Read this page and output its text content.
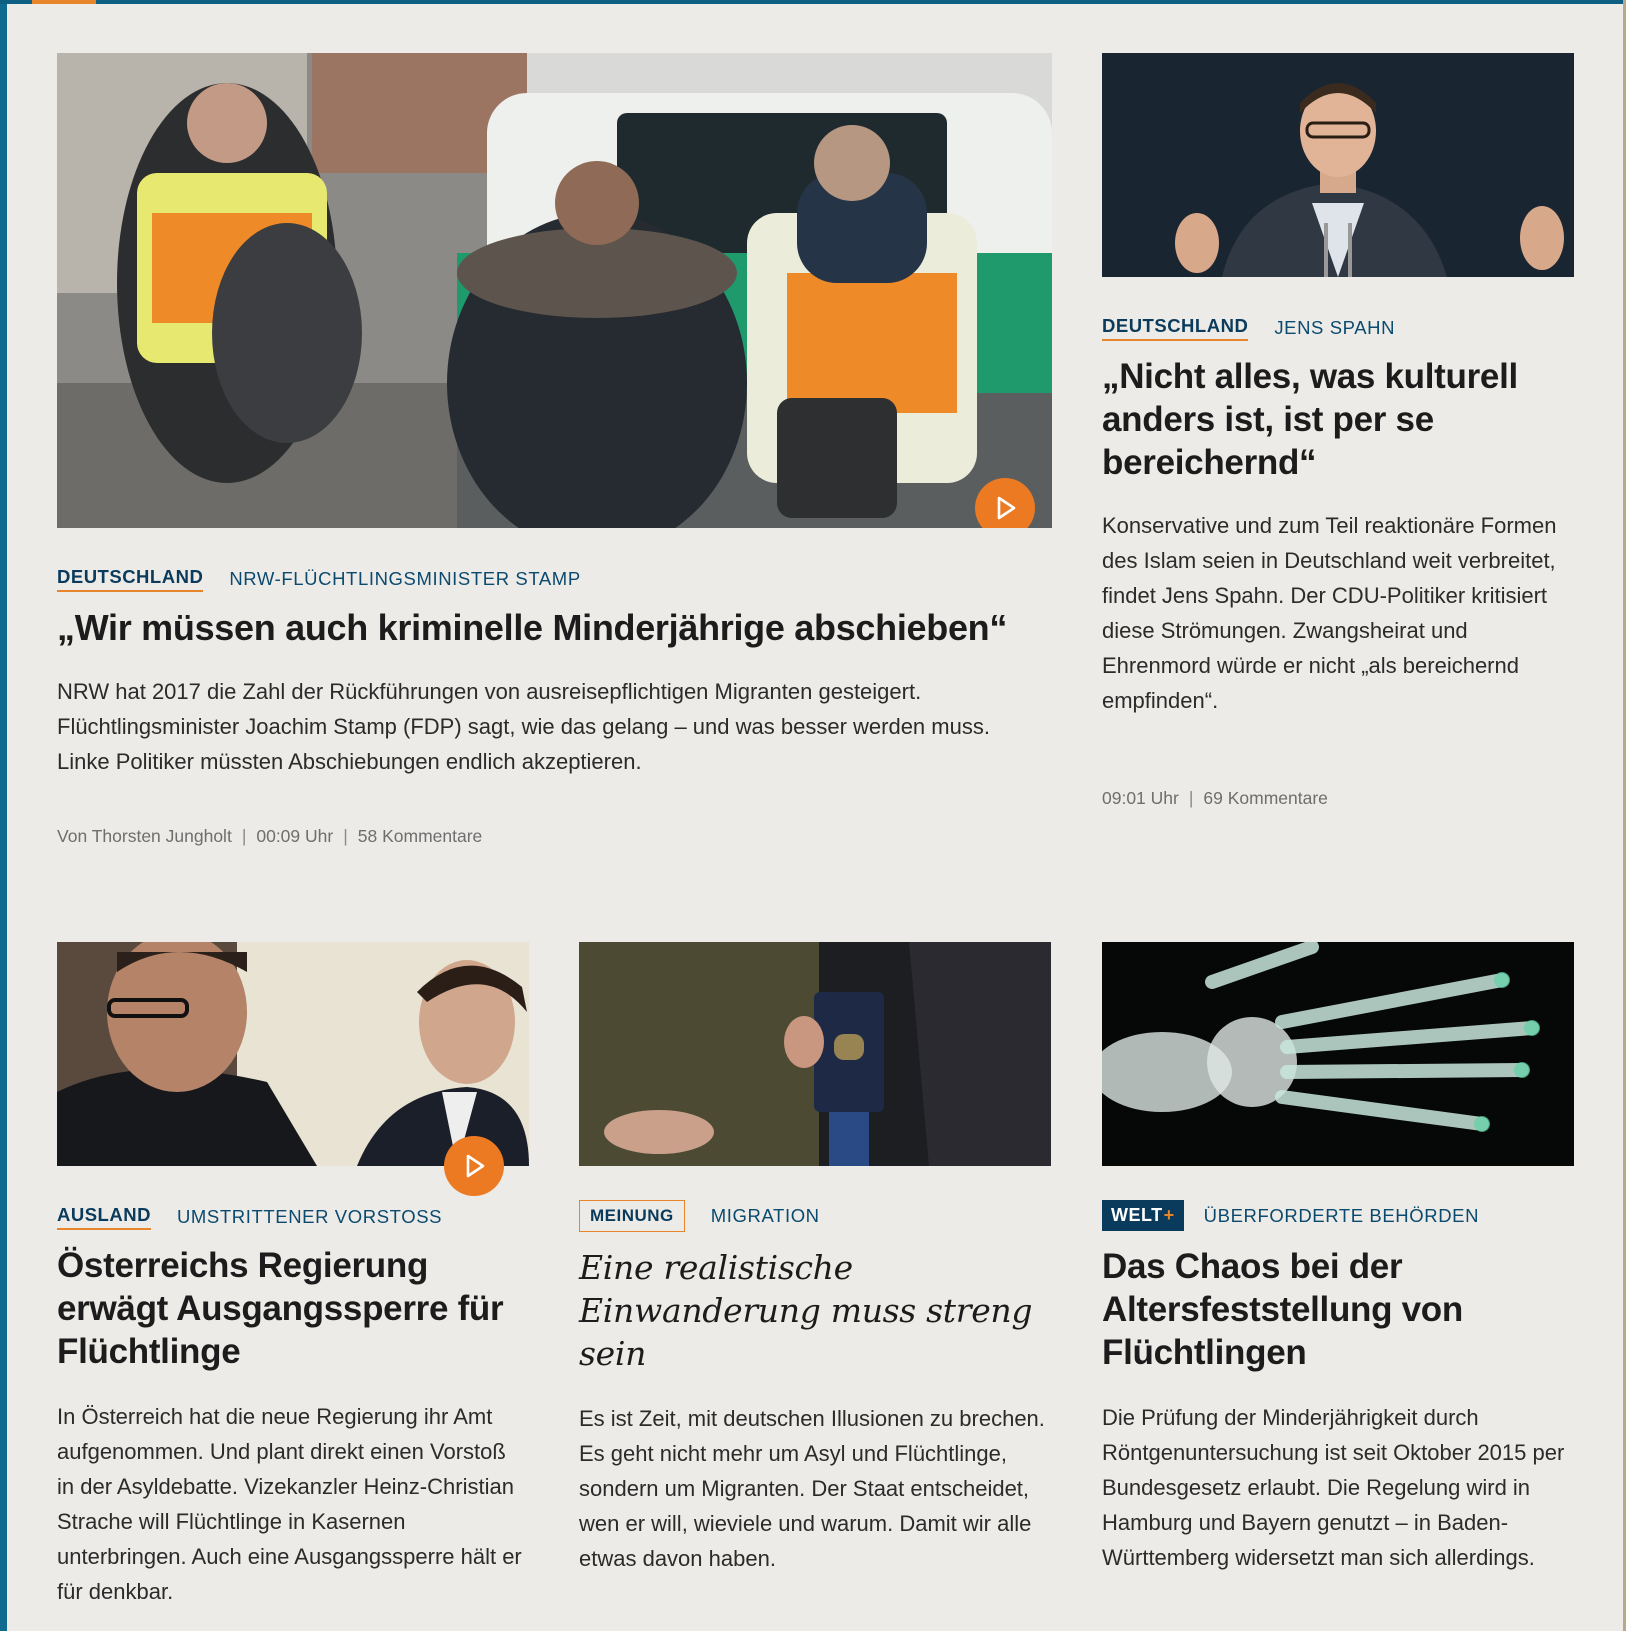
DEUTSCHLAND NRW-FLÜCHTLINGSMINISTER STAMP
„Wir müssen auch kriminelle Minderjährige abschieben“

NRW hat 2017 die Zahl der Rückführungen von ausreisepflichtigen Migranten gesteigert. Flüchtlingsminister Joachim Stamp (FDP) sagt, wie das gelang – und was besser werden muss. Linke Politiker müssten Abschiebungen endlich akzeptieren.

Von Thorsten Jungholt | 00:09 Uhr | 58 Kommentare
DEUTSCHLAND JENS SPAHN
„Nicht alles, was kulturell anders ist, ist per se bereichernd“

Konservative und zum Teil reaktionäre Formen des Islam seien in Deutschland weit verbreitet, findet Jens Spahn. Der CDU-Politiker kritisiert diese Strömungen. Zwangsheirat und Ehrenmord würde er nicht „als bereichernd empfinden“.

09:01 Uhr | 69 Kommentare
AUSLAND UMSTRITTENER VORSTOSS
Österreichs Regierung erwägt Ausgangssperre für Flüchtlinge

In Österreich hat die neue Regierung ihr Amt aufgenommen. Und plant direkt einen Vorstoß in der Asyldebatte. Vizekanzler Heinz-Christian Strache will Flüchtlinge in Kasernen unterbringen. Auch eine Ausgangssperre hält er für denkbar.

MEINUNG	MIGRATION
Eine realistische Einwanderung muss streng sein

Es ist Zeit, mit deutschen Illusionen zu brechen. Es geht nicht mehr um Asyl und Flüchtlinge, sondern um Migranten. Der Staat entscheidet, wen er will, wieviele und warum. Damit wir alle etwas davon haben.

WELT + ÜBERFORDERTE BEHÖRDEN
Das Chaos bei der Altersfeststellung von Flüchtlingen

Die Prüfung der Minderjährigkeit durch Röntgenuntersuchung ist seit Oktober 2015 per Bundesgesetz erlaubt. Die Regelung wird in Hamburg und Bayern genutzt – in Baden-Württemberg widersetzt man sich allerdings.
